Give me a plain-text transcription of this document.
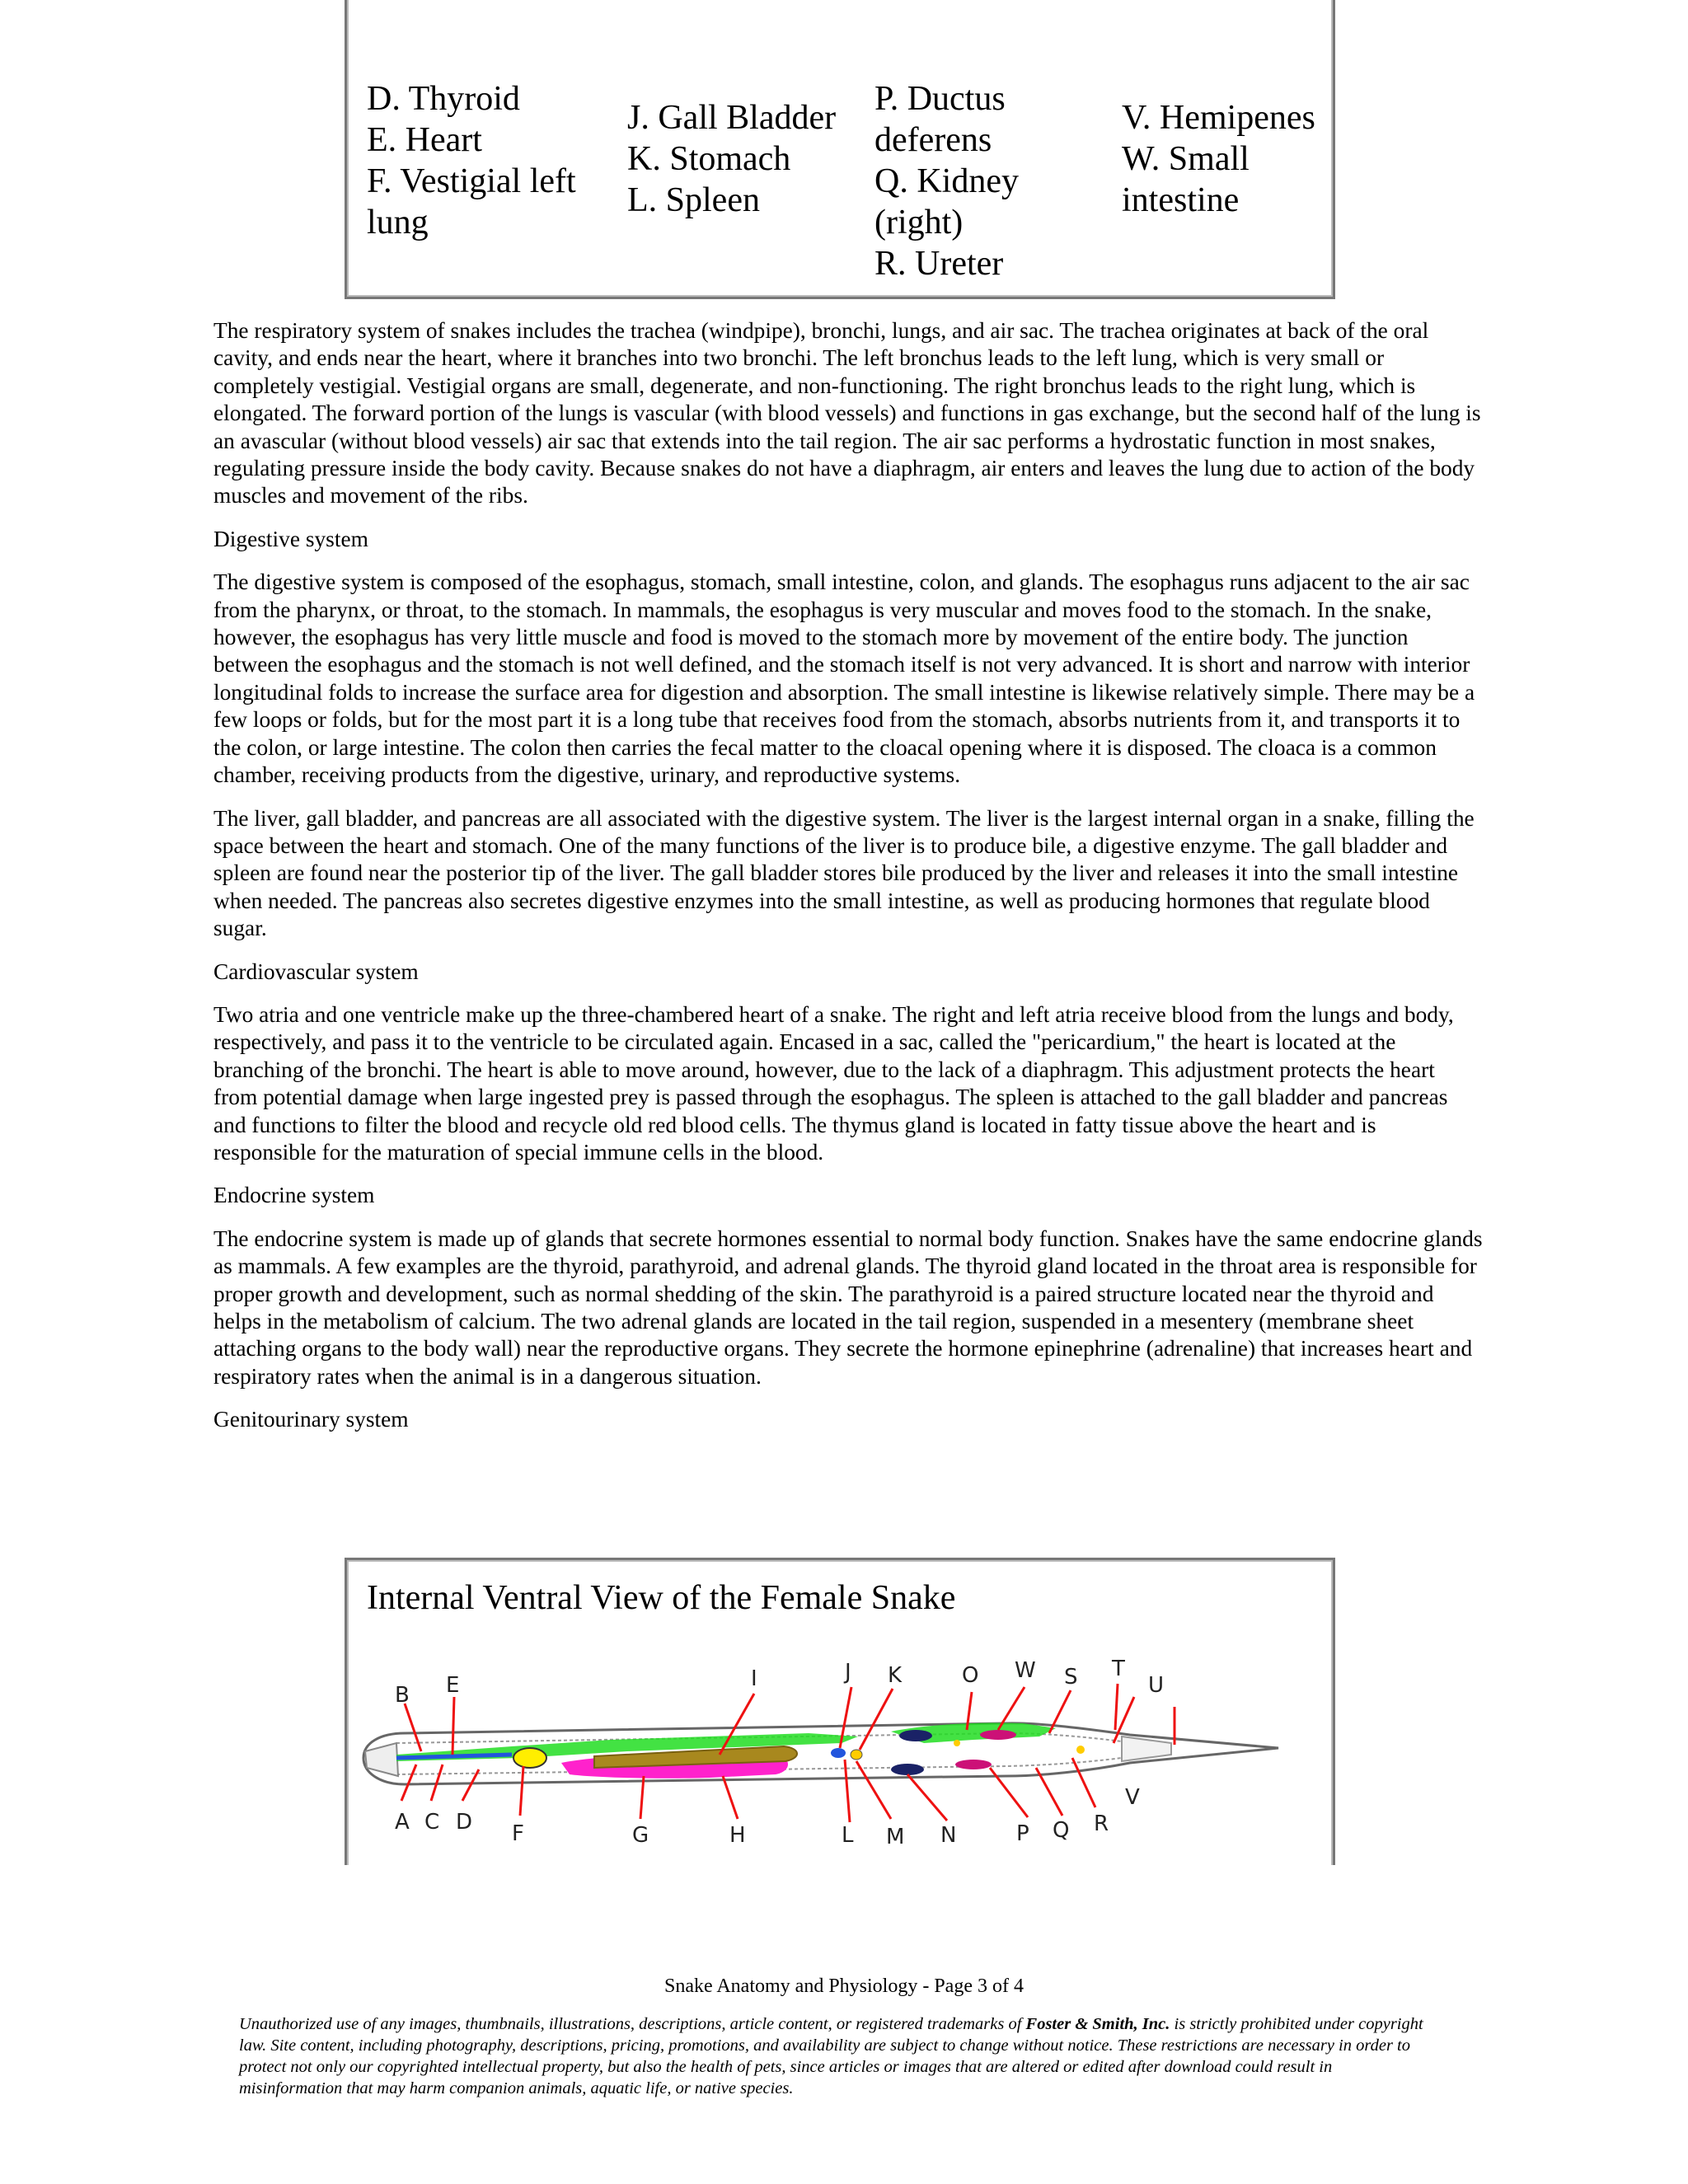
D. Thyroid
E. Heart
F. Vestigial left lung
J. Gall Bladder
K. Stomach
L. Spleen
P. Ductus deferens
Q. Kidney (right)
R. Ureter
V. Hemipenes
W. Small intestine

The respiratory system of snakes includes the trachea (windpipe), bronchi, lungs, and air sac. The trachea originates at back of the oral cavity, and ends near the heart, where it branches into two bronchi. The left bronchus leads to the left lung, which is very small or completely vestigial. Vestigial organs are small, degenerate, and non-functioning. The right bronchus leads to the right lung, which is elongated. The forward portion of the lungs is vascular (with blood vessels) and functions in gas exchange, but the second half of the lung is an avascular (without blood vessels) air sac that extends into the tail region. The air sac performs a hydrostatic function in most snakes, regulating pressure inside the body cavity. Because snakes do not have a diaphragm, air enters and leaves the lung due to action of the body muscles and movement of the ribs.

Digestive system

The digestive system is composed of the esophagus, stomach, small intestine, colon, and glands. The esophagus runs adjacent to the air sac from the pharynx, or throat, to the stomach. In mammals, the esophagus is very muscular and moves food to the stomach. In the snake, however, the esophagus has very little muscle and food is moved to the stomach more by movement of the entire body. The junction between the esophagus and the stomach is not well defined, and the stomach itself is not very advanced. It is short and narrow with interior longitudinal folds to increase the surface area for digestion and absorption. The small intestine is likewise relatively simple. There may be a few loops or folds, but for the most part it is a long tube that receives food from the stomach, absorbs nutrients from it, and transports it to the colon, or large intestine. The colon then carries the fecal matter to the cloacal opening where it is disposed. The cloaca is a common chamber, receiving products from the digestive, urinary, and reproductive systems.

The liver, gall bladder, and pancreas are all associated with the digestive system. The liver is the largest internal organ in a snake, filling the space between the heart and stomach. One of the many functions of the liver is to produce bile, a digestive enzyme. The gall bladder and spleen are found near the posterior tip of the liver. The gall bladder stores bile produced by the liver and releases it into the small intestine when needed. The pancreas also secretes digestive enzymes into the small intestine, as well as producing hormones that regulate blood sugar.

Cardiovascular system

Two atria and one ventricle make up the three-chambered heart of a snake. The right and left atria receive blood from the lungs and body, respectively, and pass it to the ventricle to be circulated again. Encased in a sac, called the "pericardium," the heart is located at the branching of the bronchi. The heart is able to move around, however, due to the lack of a diaphragm. This adjustment protects the heart from potential damage when large ingested prey is passed through the esophagus. The spleen is attached to the gall bladder and pancreas and functions to filter the blood and recycle old red blood cells. The thymus gland is located in fatty tissue above the heart and is responsible for the maturation of special immune cells in the blood.

Endocrine system

The endocrine system is made up of glands that secrete hormones essential to normal body function. Snakes have the same endocrine glands as mammals. A few examples are the thyroid, parathyroid, and adrenal glands. The thyroid gland located in the throat area is responsible for proper growth and development, such as normal shedding of the skin. The parathyroid is a paired structure located near the thyroid and helps in the metabolism of calcium. The two adrenal glands are located in the tail region, suspended in a mesentery (membrane sheet attaching organs to the body wall) near the reproductive organs. They secrete the hormone epinephrine (adrenaline) that increases heart and respiratory rates when the animal is in a dangerous situation.

Genitourinary system

Internal Ventral View of the Female Snake
A
B
C D
E
F	G	H
I	J K
L M N
O
P Q R
S T
U
V
W
Snake Anatomy and Physiology - Page 3 of 4
Unauthorized use of any images, thumbnails, illustrations, descriptions, article content, or registered trademarks of Foster & Smith, Inc. is strictly prohibited under copyright law. Site content, including photography, descriptions, pricing, promotions, and availability are subject to change without notice. These restrictions are necessary in order to protect not only our copyrighted intellectual property, but also the health of pets, since articles or images that are altered or edited after download could result in misinformation that may harm companion animals, aquatic life, or native species.
